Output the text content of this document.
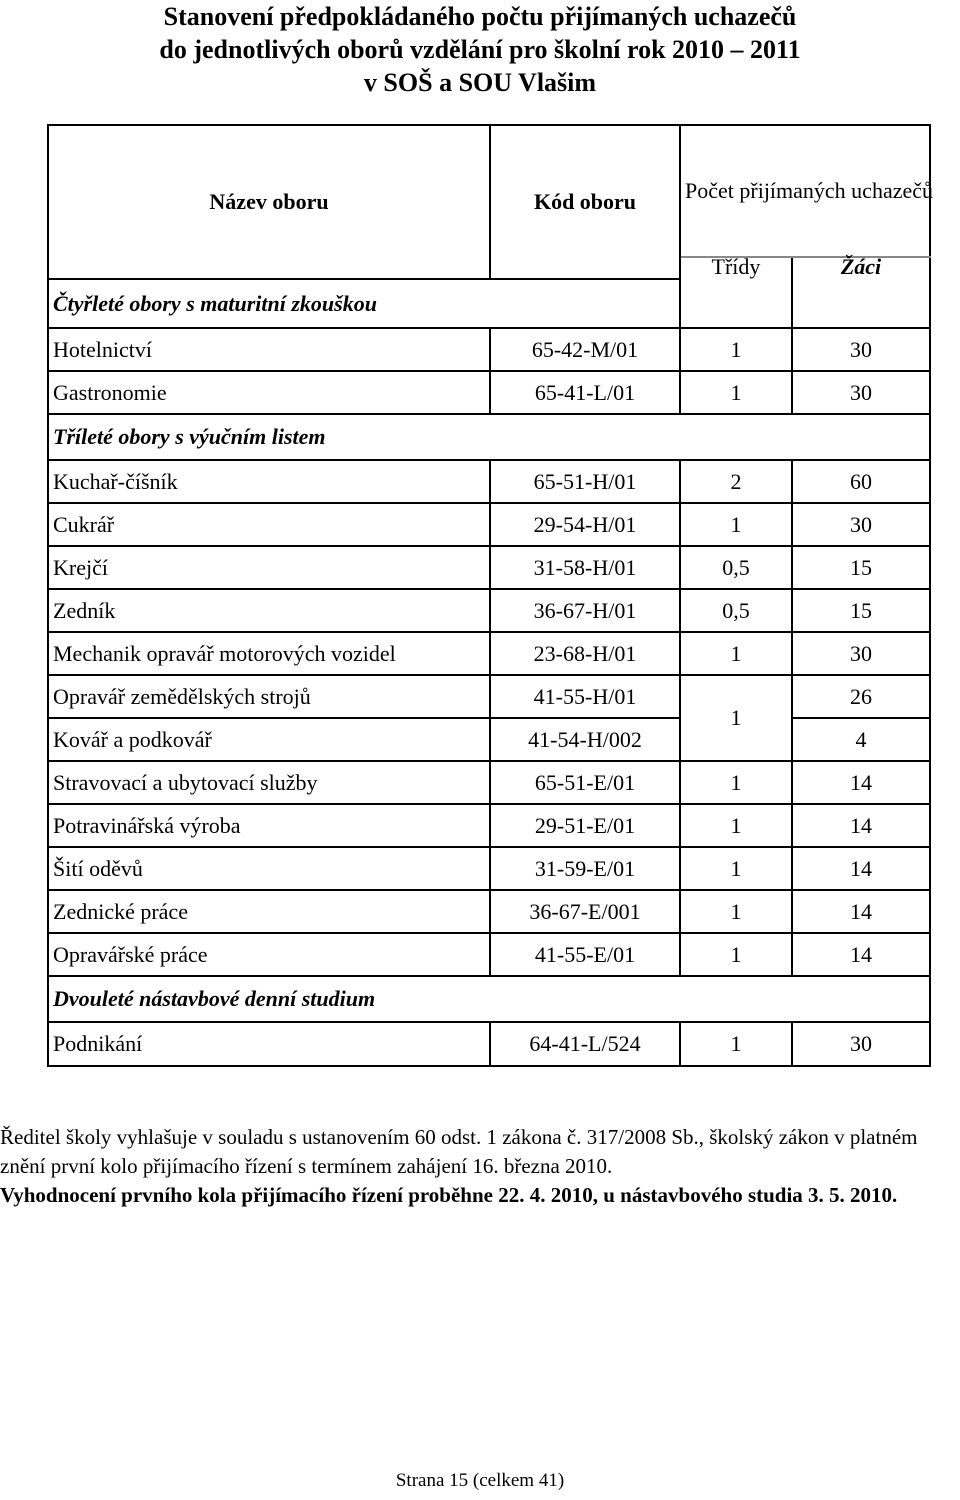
Stanovení předpokládaného počtu přijímaných uchazečů
do jednotlivých oborů vzdělání pro školní rok 2010 – 2011
v SOŠ a SOU Vlašim
Název oboru	Kód oboru	Počet přijímaných uchazečů	
		Třídy	Žáci
Čtyřleté obory s maturitní zkouškou			
Hotelnictví	65-42-M/01	1	30
Gastronomie	65-41-L/01	1	30
Tříleté obory s výučním listem			
Kuchař-číšník	65-51-H/01	2	60
Cukrář	29-54-H/01	1	30
Krejčí	31-58-H/01	0,5	15
Zedník	36-67-H/01	0,5	15
Mechanik opravář motorových vozidel	23-68-H/01	1	30
Opravář zemědělských strojů	41-55-H/01	1	26
Kovář a podkovář	41-54-H/002		4
Stravovací a ubytovací služby	65-51-E/01	1	14
Potravinářská výroba	29-51-E/01	1	14
Šití oděvů	31-59-E/01	1	14
Zednické práce	36-67-E/001	1	14
Opravářské práce	41-55-E/01	1	14
Dvouleté nástavbové denní studium			
Podnikání	64-41-L/524	1	30
Ředitel školy vyhlašuje v souladu s ustanovením 60 odst. 1 zákona č. 317/2008 Sb., školský zákon v platném znění první kolo přijímacího řízení s termínem zahájení 16. března 2010.
Vyhodnocení prvního kola přijímacího řízení proběhne 22. 4. 2010, u nástavbového studia 3. 5. 2010.
Strana 15 (celkem 41)
